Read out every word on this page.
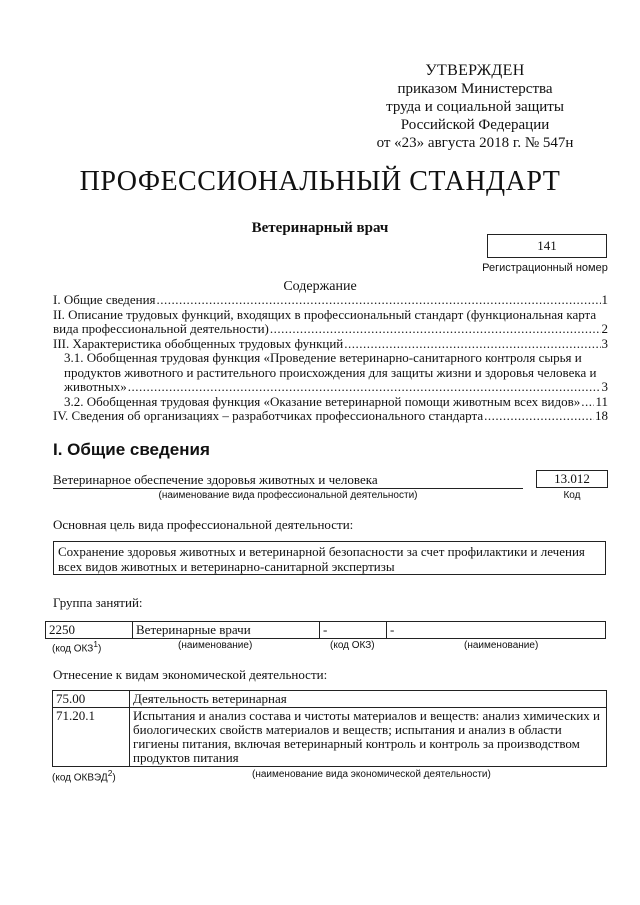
УТВЕРЖДЕН
приказом Министерства
труда и социальной защиты
Российской Федерации
от «23» августа 2018 г. № 547н
ПРОФЕССИОНАЛЬНЫЙ СТАНДАРТ
Ветеринарный врач
141
Регистрационный номер
Содержание
I. Общие сведения .....	1
II. Описание трудовых функций, входящих в профессиональный стандарт (функциональная карта
вида профессиональной деятельности) .....	2
III. Характеристика обобщенных трудовых функций .....	3
3.1. Обобщенная трудовая функция «Проведение ветеринарно-санитарного контроля сырья и
продуктов животного и растительного происхождения для защиты жизни и здоровья человека и
животных» .....	3
3.2. Обобщенная трудовая функция «Оказание ветеринарной помощи животным всех видов» ..... 11
IV. Сведения об организациях – разработчиках профессионального стандарта .....	18
I. Общие сведения
Ветеринарное обеспечение здоровья животных и человека	13.012
(наименование вида профессиональной деятельности)	Код
Основная цель вида профессиональной деятельности:
Сохранение здоровья животных и ветеринарной безопасности за счет профилактики и лечения всех видов животных и ветеринарно-санитарной экспертизы
Группа занятий:
2250	Ветеринарные врачи	-	-
(код ОКЗ$^1$)	(наименование)	(код ОКЗ)	(наименование)
Отнесение к видам экономической деятельности:
75.00	Деятельность ветеринарная
71.20.1	Испытания и анализ состава и чистоты материалов и веществ: анализ химических и биологических свойств материалов и веществ; испытания и анализ в области гигиены питания, включая ветеринарный контроль и контроль за производством продуктов питания
(код ОКВЭД$^2$)	(наименование вида экономической деятельности)
